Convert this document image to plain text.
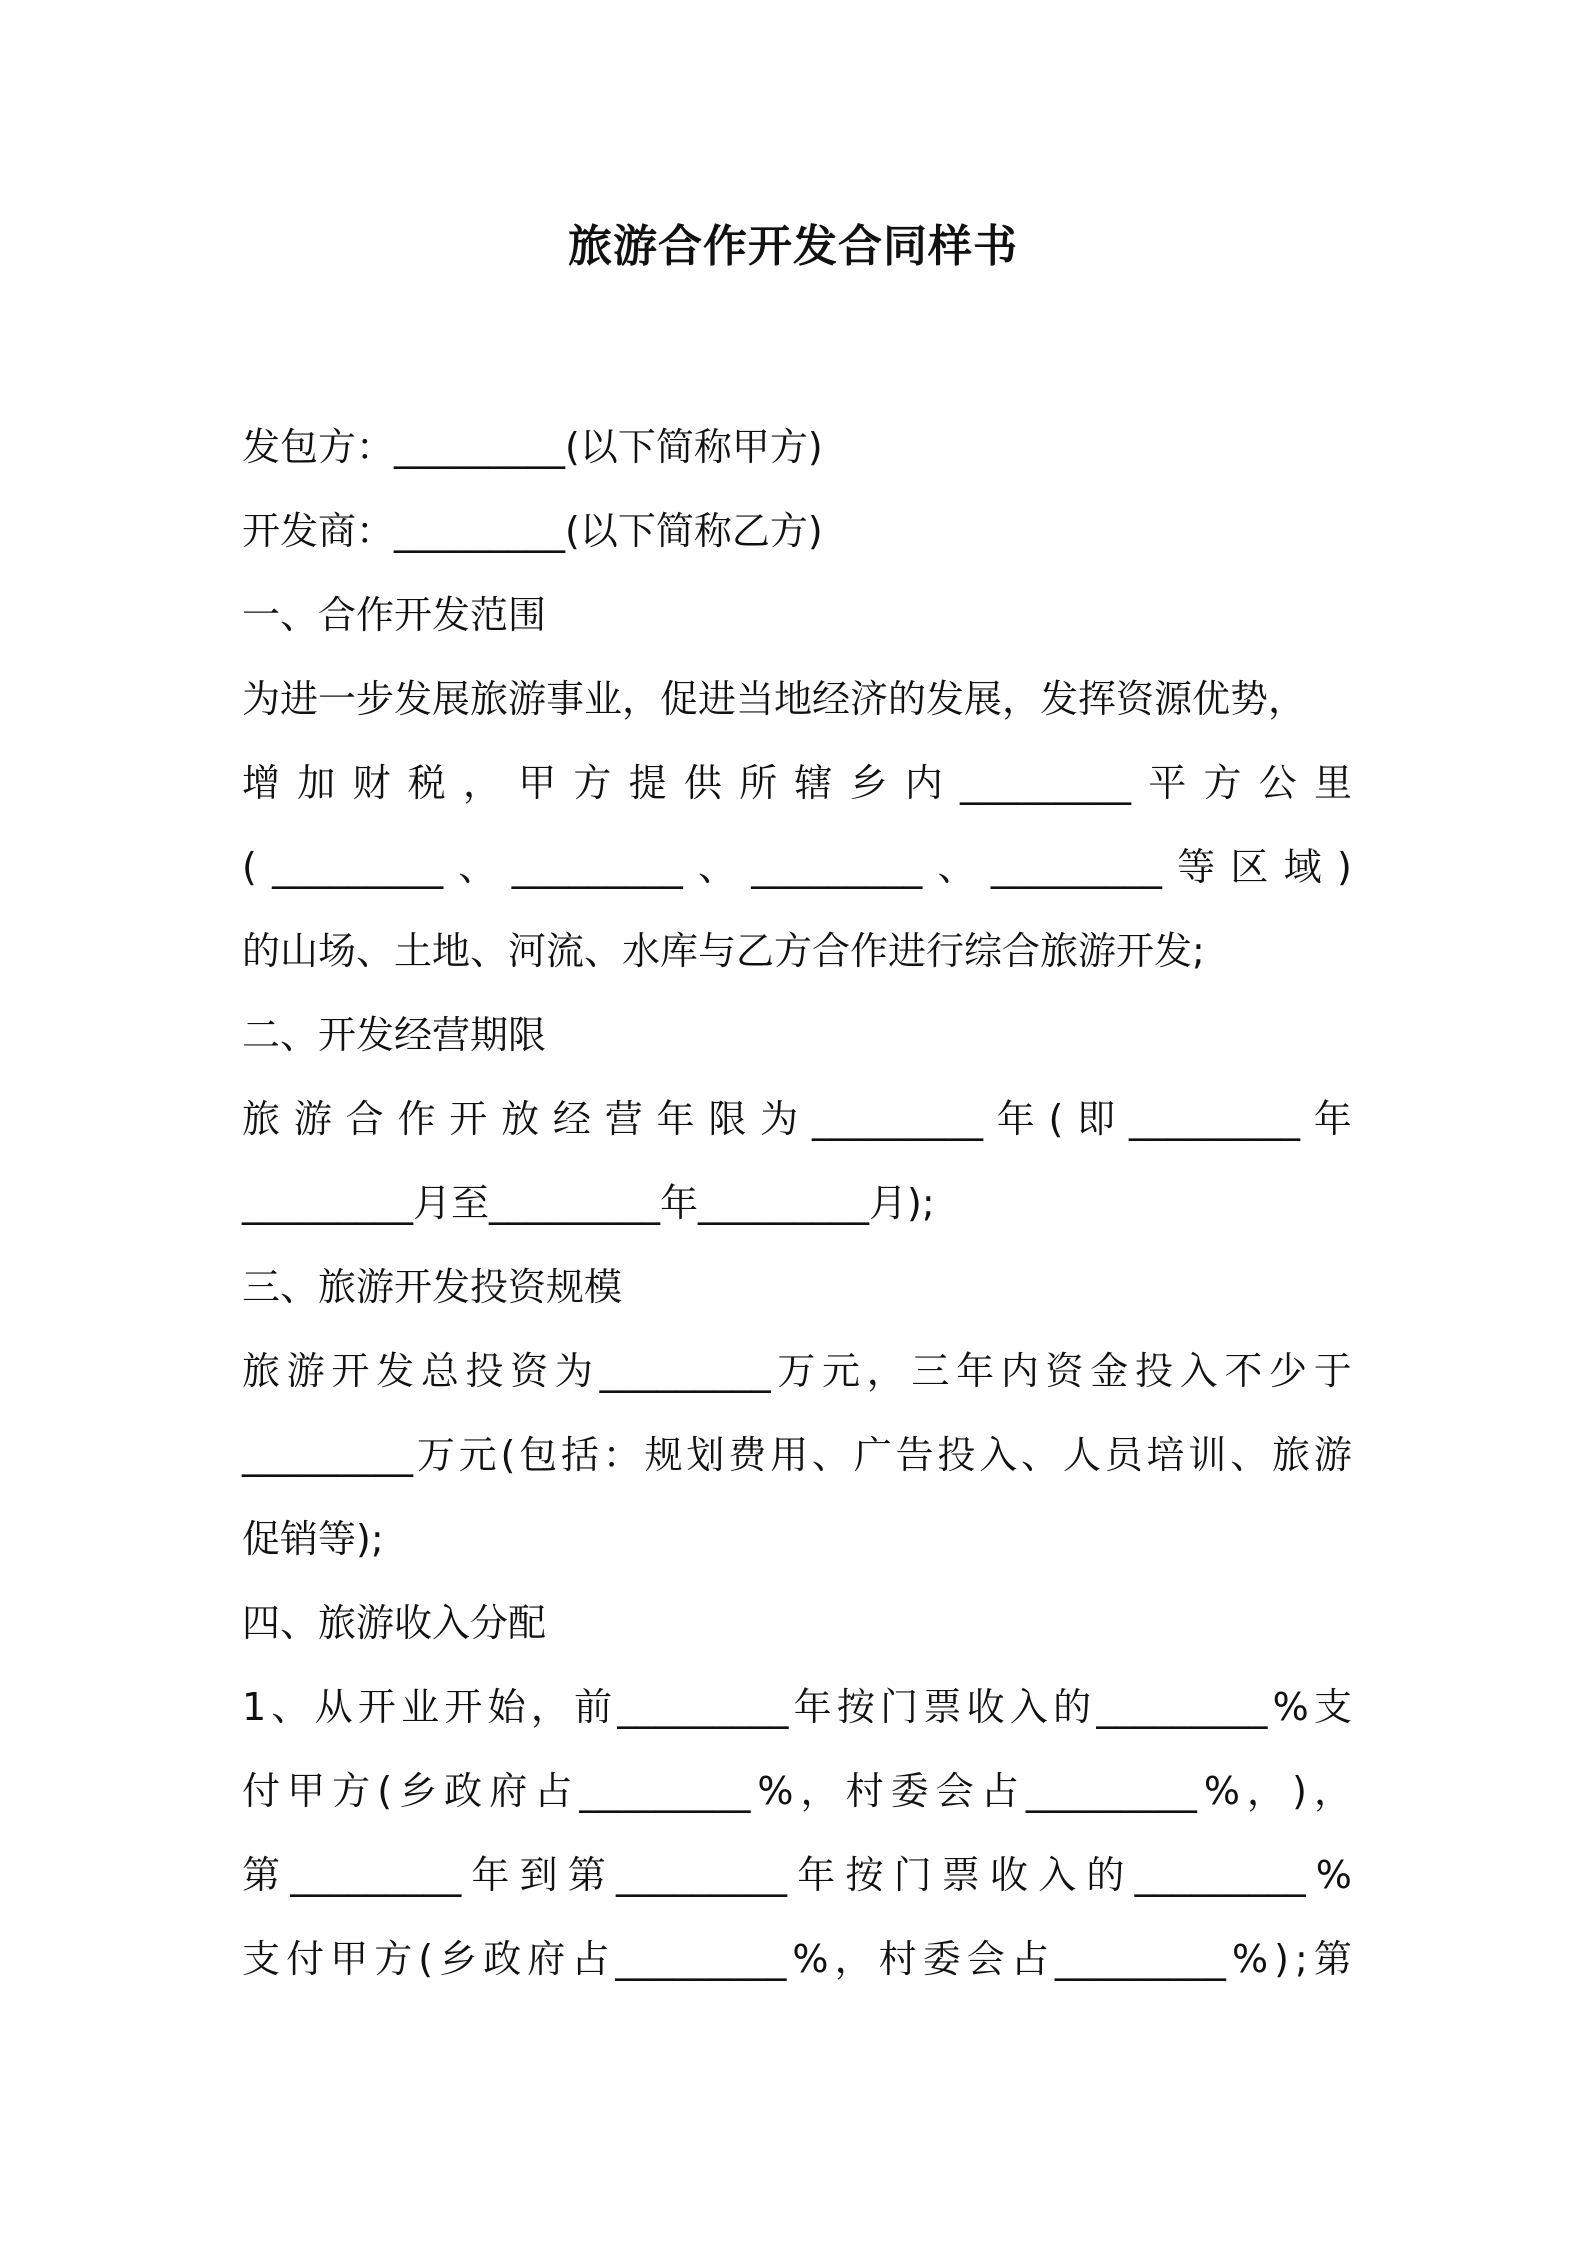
旅游合作开发合同样书

发包方：_________(以下简称甲方)

开发商：_________(以下简称乙方)

一、合作开发范围

为进一步发展旅游事业，促进当地经济的发展，发挥资源优势，

增 加 财 税 ， 甲 方 提 供 所 辖 乡 内 _________ 平 方 公 里

( _________ 、 _________ 、 _________ 、 _________ 等 区 域 )

的山场、土地、河流、水库与乙方合作进行综合旅游开发;

二、开发经营期限

旅 游 合 作 开 放 经 营 年 限 为 _________ 年 ( 即 _________ 年

_________月至_________年_________月);

三、旅游开发投资规模

旅 游 开 发 总 投 资 为 _________ 万 元 ， 三 年 内 资 金 投 入 不 少 于

_________ 万 元 ( 包 括 ： 规 划 费 用 、 广 告 投 入 、 人 员 培 训 、 旅 游

促销等);

四、旅游收入分配

1 、 从 开 业 开 始 ， 前 _________ 年 按 门 票 收 入 的 _________ % 支

付 甲 方 ( 乡 政 府 占 _________ % ， 村 委 会 占 _________ % ， ) ，

第 _________ 年 到 第 _________ 年 按 门 票 收 入 的 _________ %

支 付 甲 方 ( 乡 政 府 占 _________ % ， 村 委 会 占 _________ % ) ; 第
